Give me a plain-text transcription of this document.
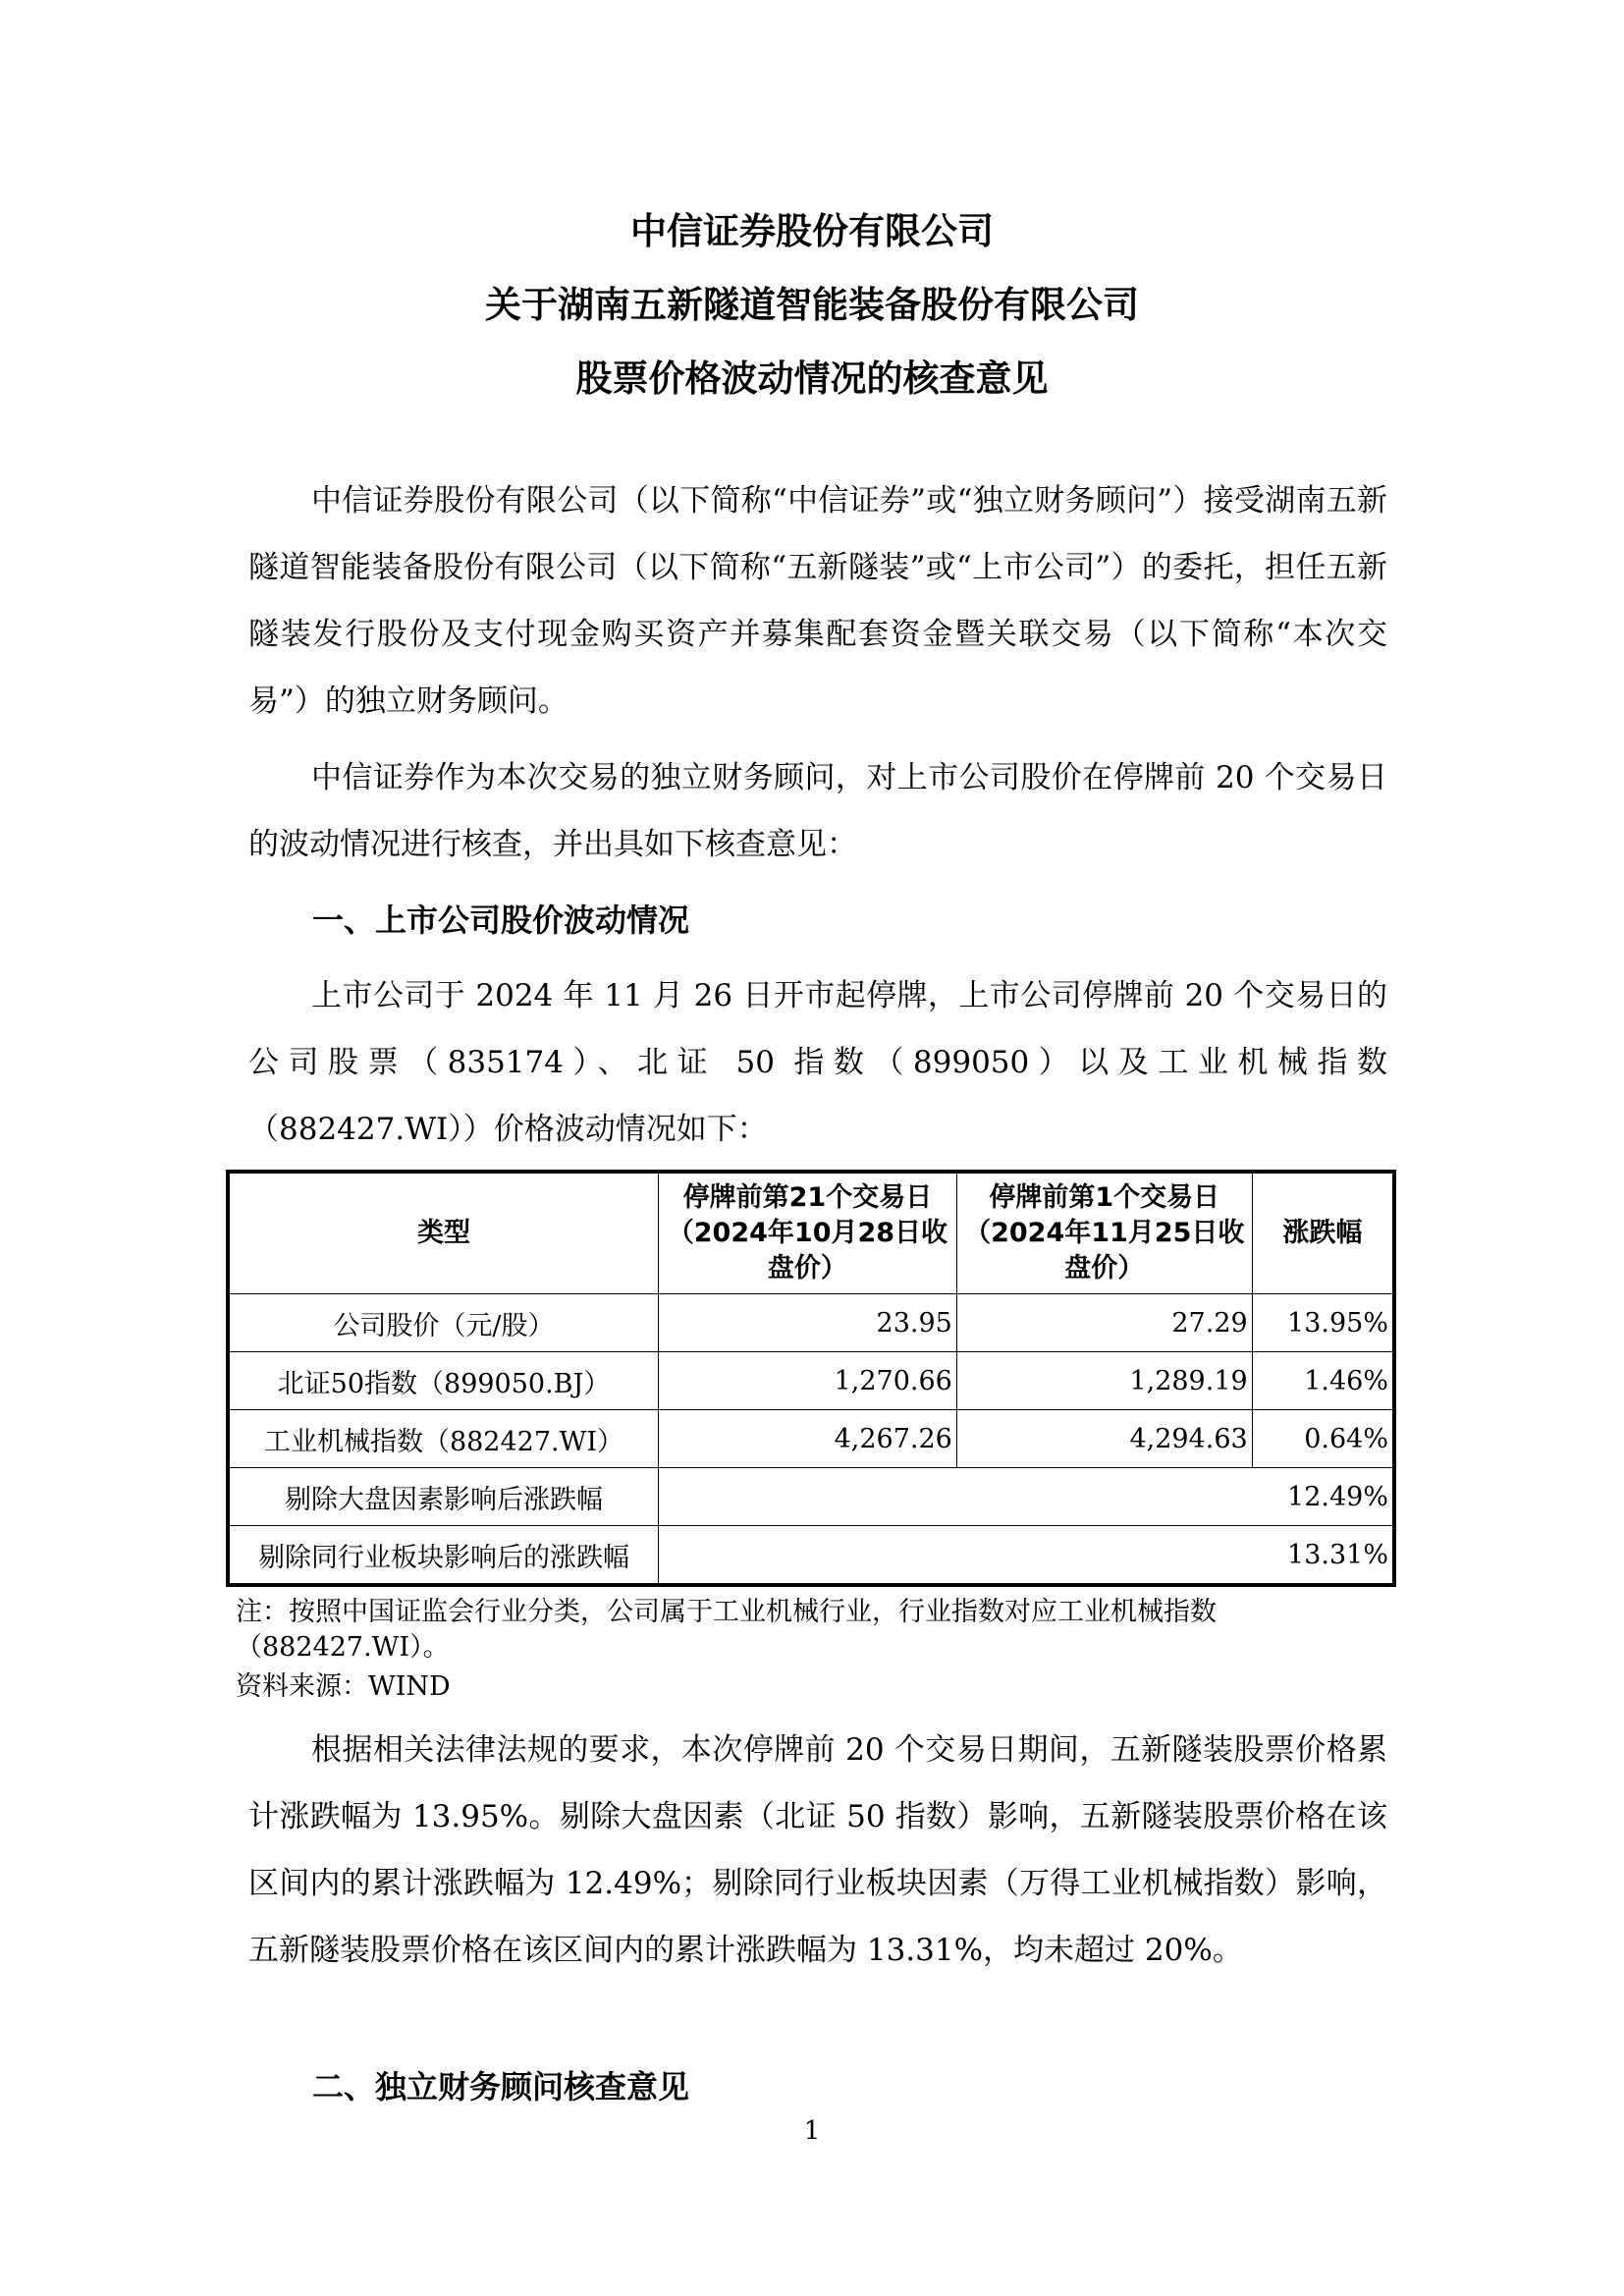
中信证券股份有限公司
关于湖南五新隧道智能装备股份有限公司
股票价格波动情况的核查意见

中信证券股份有限公司（以下简称“中信证券”或“独立财务顾问”）接受湖南五新隧道智能装备股份有限公司（以下简称“五新隧装”或“上市公司”）的委托，担任五新隧装发行股份及支付现金购买资产并募集配套资金暨关联交易（以下简称“本次交易”）的独立财务顾问。

中信证券作为本次交易的独立财务顾问，对上市公司股价在停牌前 20 个交易日的波动情况进行核查，并出具如下核查意见：

一、上市公司股价波动情况

上市公司于 2024 年 11 月 26 日开市起停牌，上市公司停牌前 20 个交易日的公司股票（835174）、北证 50 指数（899050）以及工业机械指数（882427.WI））价格波动情况如下：

类型	停牌前第21个交易日（2024年10月28日收盘价）	停牌前第1个交易日（2024年11月25日收盘价）	涨跌幅
公司股价（元/股）	23.95	27.29	13.95%
北证50指数（899050.BJ）	1,270.66	1,289.19	1.46%
工业机械指数（882427.WI）	4,267.26	4,294.63	0.64%
剔除大盘因素影响后涨跌幅	12.49%		
剔除同行业板块影响后的涨跌幅	13.31%		
注：按照中国证监会行业分类，公司属于工业机械行业，行业指数对应工业机械指数（882427.WI）。
资料来源：WIND

根据相关法律法规的要求，本次停牌前 20 个交易日期间，五新隧装股票价格累计涨跌幅为 13.95%。剔除大盘因素（北证 50 指数）影响，五新隧装股票价格在该区间内的累计涨跌幅为 12.49%；剔除同行业板块因素（万得工业机械指数）影响，五新隧装股票价格在该区间内的累计涨跌幅为 13.31%，均未超过 20%。

二、独立财务顾问核查意见
1
